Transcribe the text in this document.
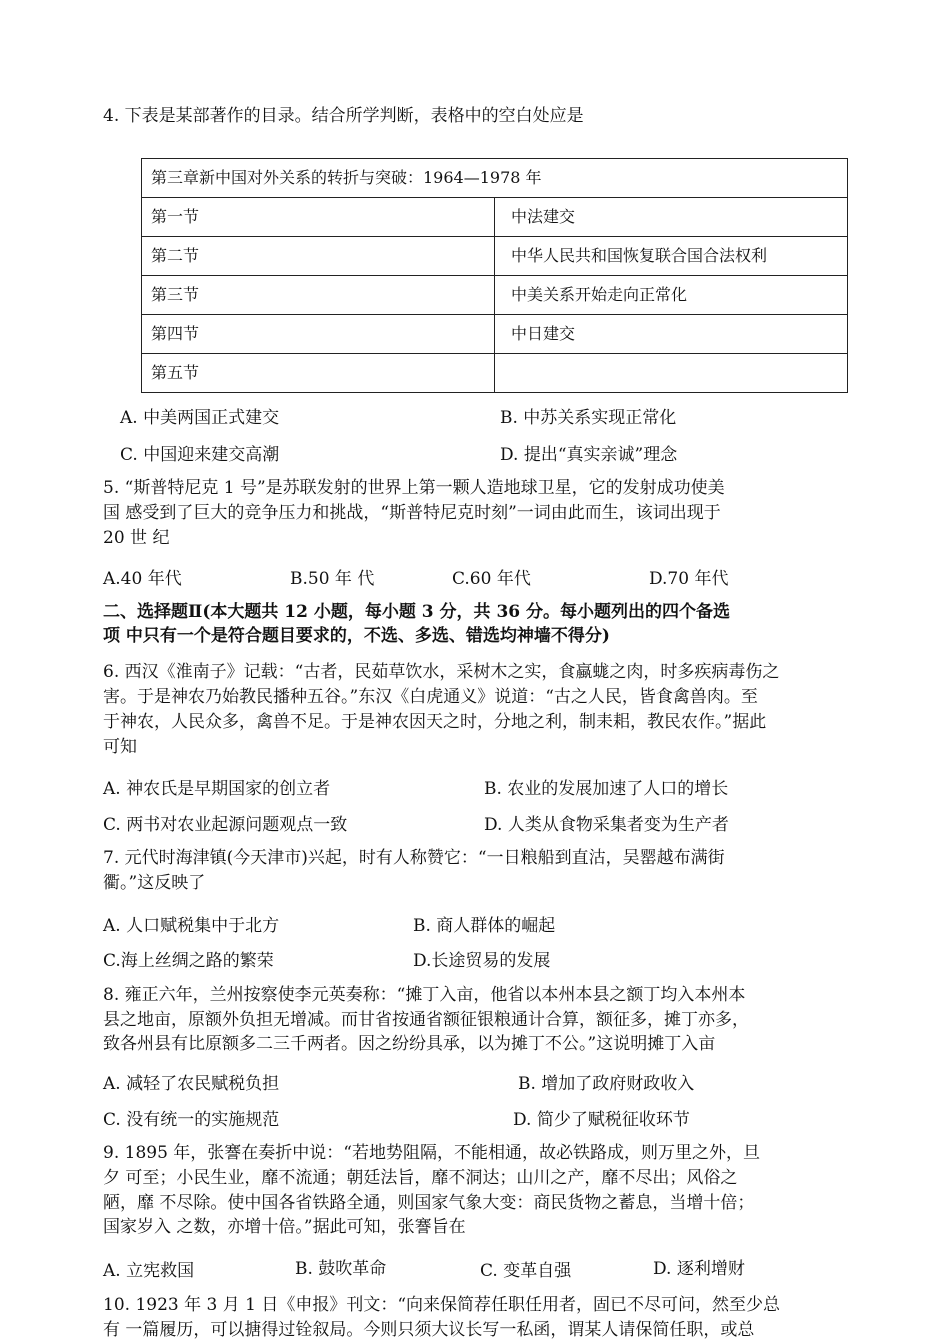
4. 下表是某部著作的目录。结合所学判断，表格中的空白处应是
第三章新中国对外关系的转折与突破：1964—1978 年	
第一节	中法建交
第二节	中华人民共和国恢复联合国合法权利
第三节	中美关系开始走向正常化
第四节	中日建交
第五节	
A. 中美两国正式建交	B. 中苏关系实现正常化
C. 中国迎来建交高潮	D. 提出“真实亲诚”理念
5. “斯普特尼克 1 号”是苏联发射的世界上第一颗人造地球卫星，它的发射成功使美
国 感受到了巨大的竞争压力和挑战，“斯普特尼克时刻”一词由此而生，该词出现于
20 世 纪
A.40 年代	B.50 年 代	C.60 年代	D.70 年代
二、选择题Ⅱ(本大题共 12 小题，每小题 3 分，共 36 分。每小题列出的四个备选
项 中只有一个是符合题目要求的，不选、多选、错选均神墙不得分)
6. 西汉《淮南子》记载：“古者，民茹草饮水，采树木之实，食蠃蛖之肉，时多疾病毒伤之
害。于是神农乃始教民播种五谷。”东汉《白虎通义》说道：“古之人民，皆食禽兽肉。至
于神农，人民众多，禽兽不足。于是神农因天之时，分地之利，制耒耜，教民农作。”据此
可知
A. 神农氏是早期国家的创立者	B. 农业的发展加速了人口的增长
C. 两书对农业起源问题观点一致	D. 人类从食物采集者变为生产者
7. 元代时海津镇(今天津市)兴起，时有人称赞它：“一日粮船到直沽，吴罂越布满街
衢。”这反映了
A. 人口赋税集中于北方	B. 商人群体的崛起
C.海上丝绸之路的繁荣	D.长途贸易的发展
8. 雍正六年，兰州按察使李元英奏称：“摊丁入亩，他省以本州本县之额丁均入本州本
县之地亩，原额外负担无增减。而甘省按通省额征银粮通计合算，额征多，摊丁亦多，
致各州县有比原额多二三千两者。因之纷纷具承，以为摊丁不公。”这说明摊丁入亩
A. 减轻了农民赋税负担	B. 增加了政府财政收入
C. 没有统一的实施规范	D. 简少了赋税征收环节
9. 1895 年，张謇在奏折中说：“若地势阻隔，不能相通，故必铁路成，则万里之外，旦
夕 可至；小民生业，靡不流通；朝廷法旨，靡不洞达；山川之产，靡不尽出；风俗之
陋，靡 不尽除。使中国各省铁路全通，则国家气象大变：商民货物之蓄息，当增十倍；
国家岁入 之数，亦增十倍。”据此可知，张謇旨在
A. 立宪救国	B. 鼓吹革命	C. 变革自强	D. 逐利增财
10. 1923 年 3 月 1 日《申报》刊文：“向来保简荐任职任用者，固已不尽可问，然至少总
有 一篇履历，可以搪得过铨叙局。今则只须大议长写一私函，谓某人请保简任职，或总
